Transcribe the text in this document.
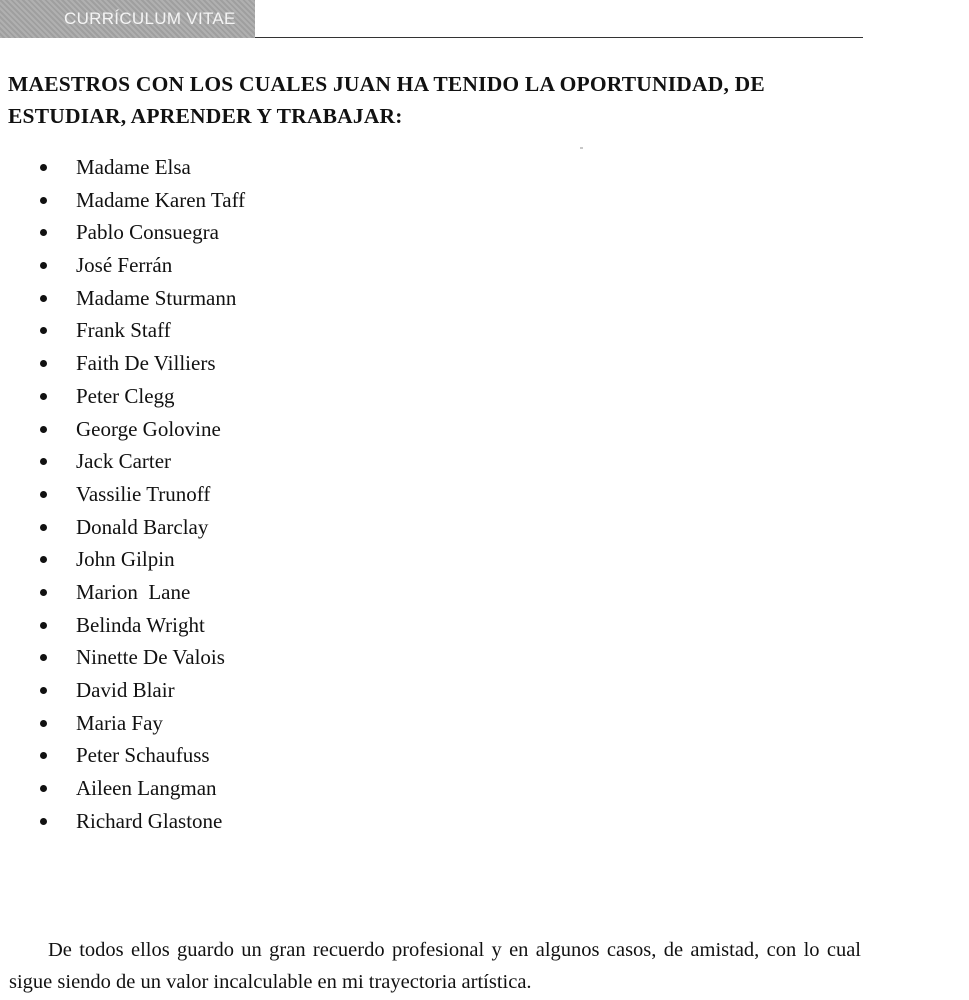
CURRÍCULUM VITAE
MAESTROS CON LOS CUALES JUAN HA TENIDO LA OPORTUNIDAD, DE ESTUDIAR, APRENDER Y TRABAJAR:
Madame Elsa
Madame Karen Taff
Pablo Consuegra
José Ferrán
Madame Sturmann
Frank Staff
Faith De Villiers
Peter Clegg
George Golovine
Jack Carter
Vassilie Trunoff
Donald Barclay
John Gilpin
Marion  Lane
Belinda Wright
Ninette De Valois
David Blair
Maria Fay
Peter Schaufuss
Aileen Langman
Richard Glastone

De todos ellos guardo un gran recuerdo profesional y en algunos casos, de amistad, con lo cual sigue siendo de un valor incalculable en mi trayectoria artística.
